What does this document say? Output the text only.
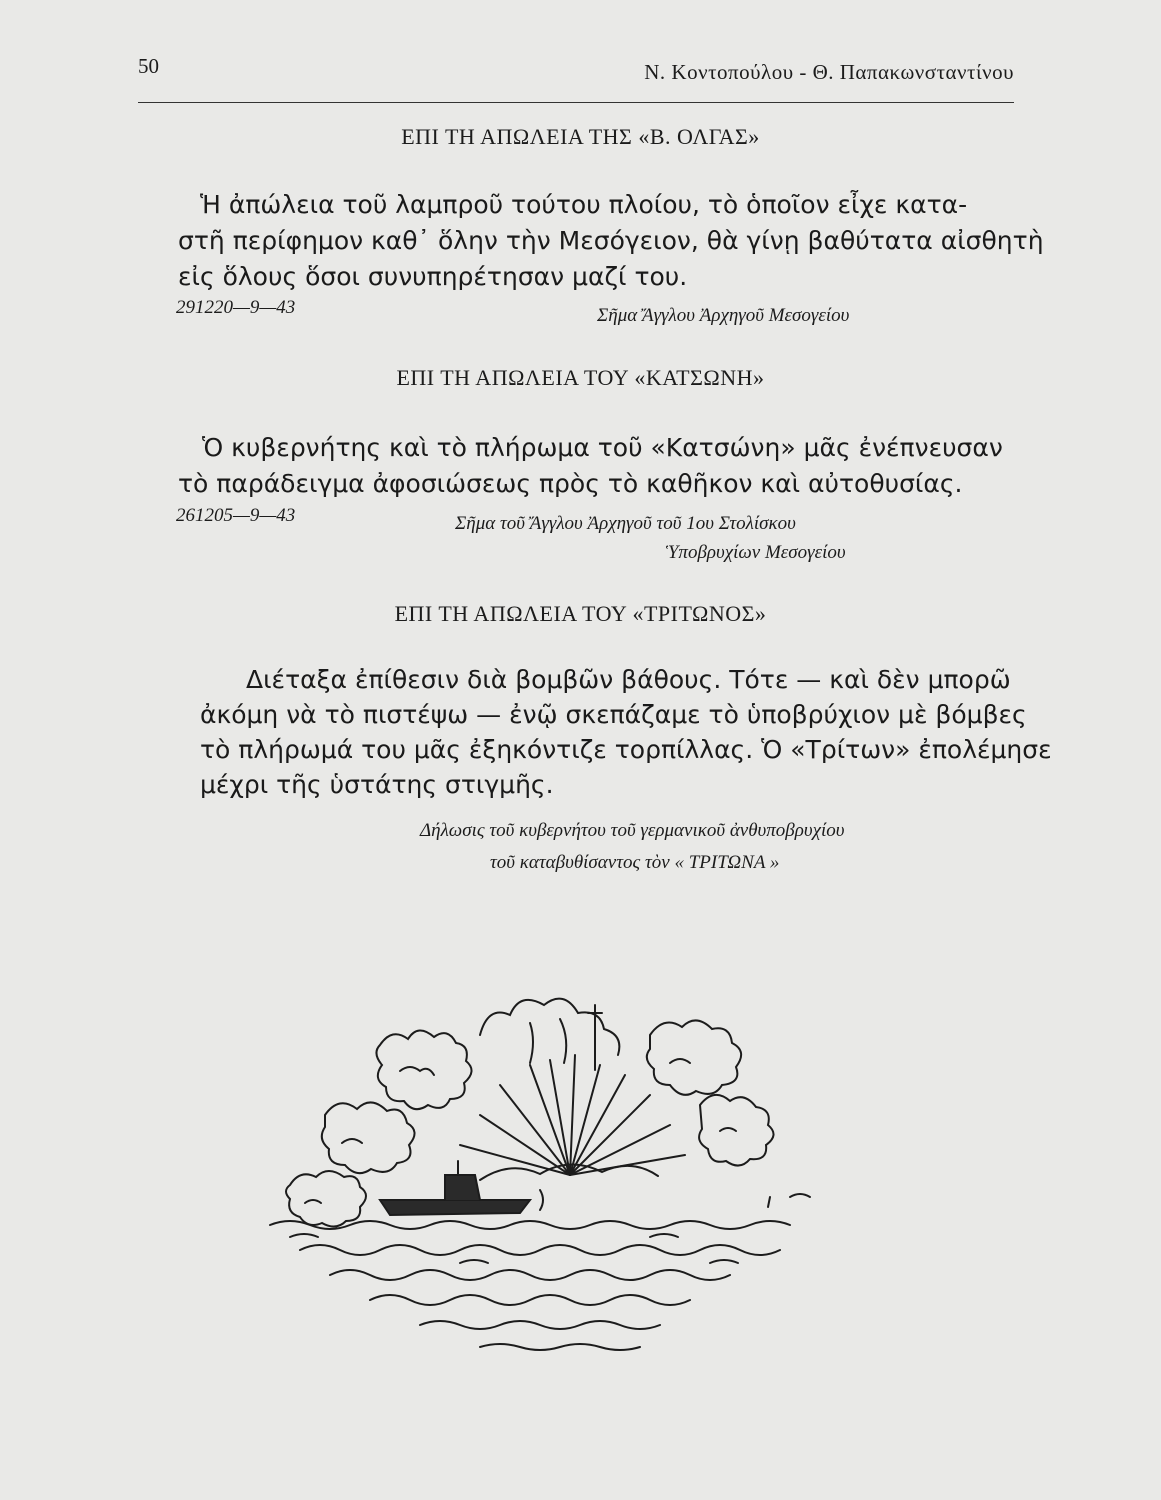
50	Ν. Κοντοπούλου - Θ. Παπακωνσταντίνου
ΕΠΙ ΤΗ ΑΠΩΛΕΙΑ ΤΗΣ «Β. ΟΛΓΑΣ»
Ἡ ἀπώλεια τοῦ λαμπροῦ τούτου πλοίου, τὸ ὁποῖον εἶχε κατα-
στῆ περίφημον καθ᾽ ὅλην τὴν Μεσόγειον, θὰ γίνῃ βαθύτατα αἰσθητὴ
εἰς ὅλους ὅσοι συνυπηρέτησαν μαζί του.
291220—9—43	Σῆμα Ἄγγλου Ἀρχηγοῦ Μεσογείου
ΕΠΙ ΤΗ ΑΠΩΛΕΙΑ ΤΟΥ «ΚΑΤΣΩΝΗ»
Ὁ κυβερνήτης καὶ τὸ πλήρωμα τοῦ «Κατσώνη» μᾶς ἐνέπνευσαν
τὸ παράδειγμα ἀφοσιώσεως πρὸς τὸ καθῆκον καὶ αὐτοθυσίας.
261205—9—43	Σῆμα τοῦ Ἄγγλου Ἀρχηγοῦ τοῦ 1ου Στολίσκου
Ὑποβρυχίων Μεσογείου
ΕΠΙ ΤΗ ΑΠΩΛΕΙΑ ΤΟΥ «ΤΡΙΤΩΝΟΣ»
Διέταξα ἐπίθεσιν διὰ βομβῶν βάθους. Τότε — καὶ δὲν μπορῶ
ἀκόμη νὰ τὸ πιστέψω — ἐνῷ σκεπάζαμε τὸ ὑποβρύχιον μὲ βόμβες
τὸ πλήρωμά του μᾶς ἐξηκόντιζε τορπίλλας. Ὁ «Τρίτων» ἐπολέμησε
μέχρι τῆς ὑστάτης στιγμῆς.
Δήλωσις τοῦ κυβερνήτου τοῦ γερμανικοῦ ἀνθυποβρυχίου
τοῦ καταβυθίσαντος τὸν « ΤΡΙΤΩΝΑ »
